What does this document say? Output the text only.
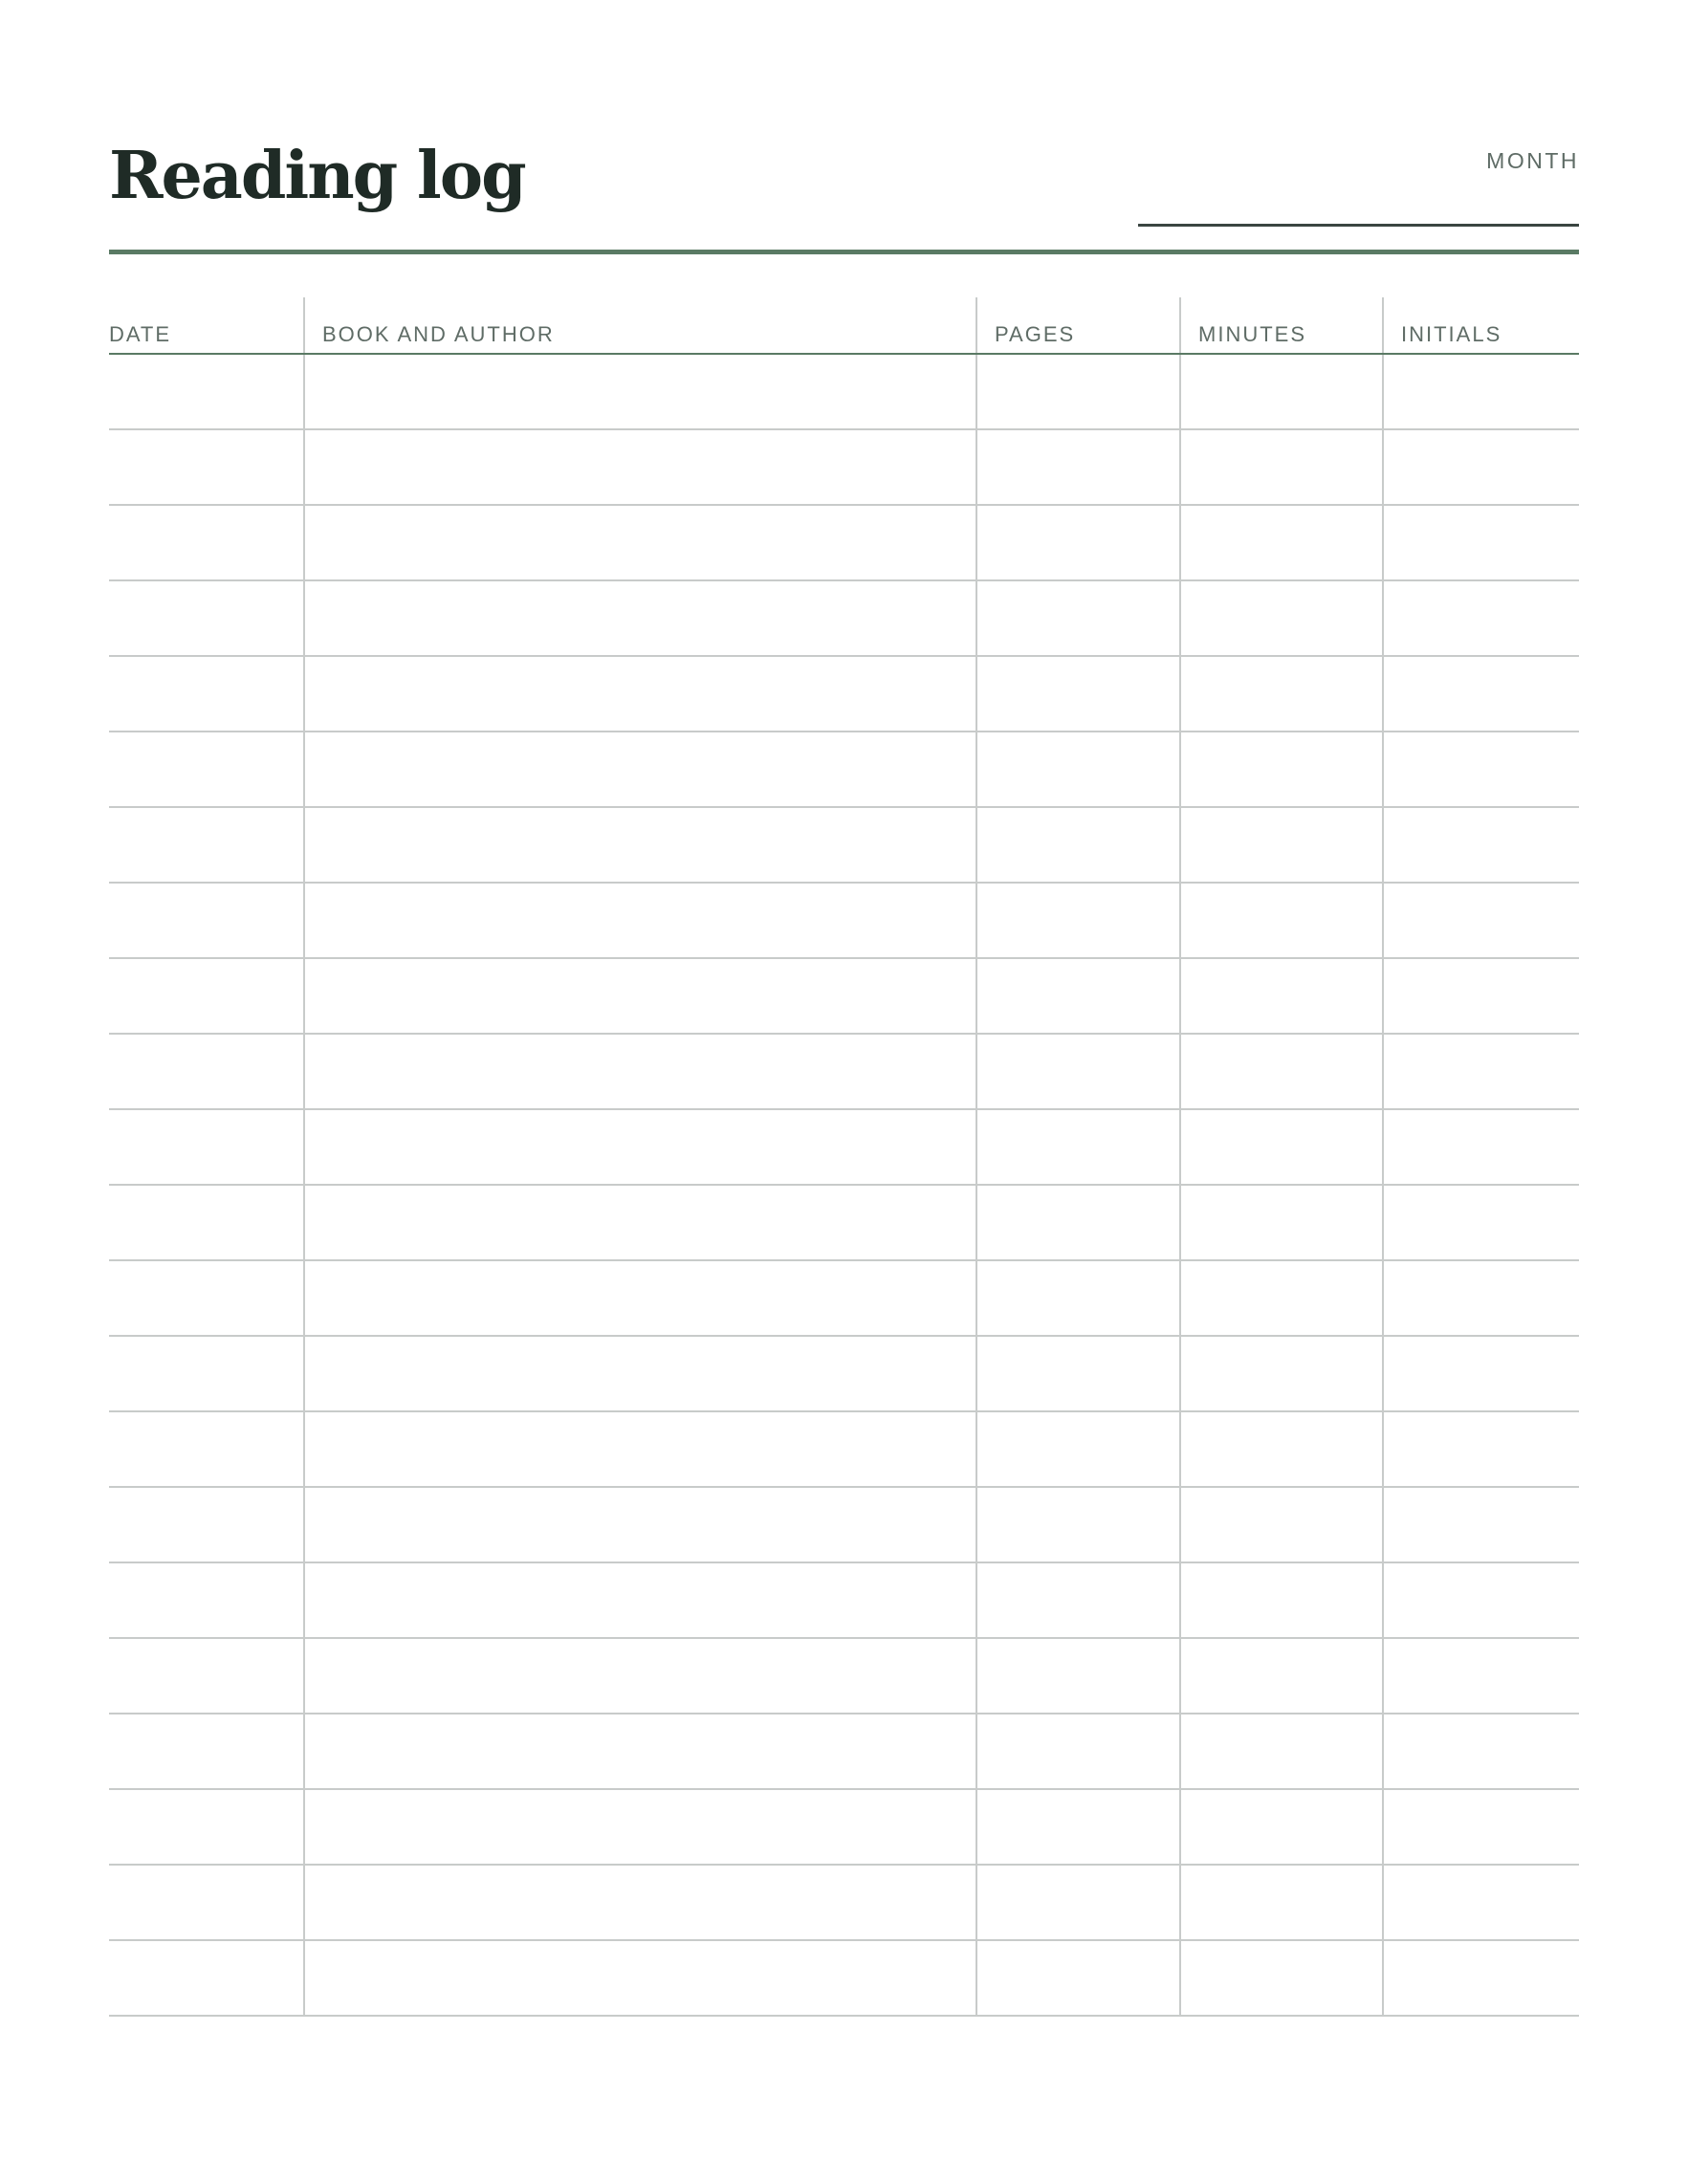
Reading log	MONTH
DATE	BOOK AND AUTHOR	PAGES	MINUTES	INITIALS
